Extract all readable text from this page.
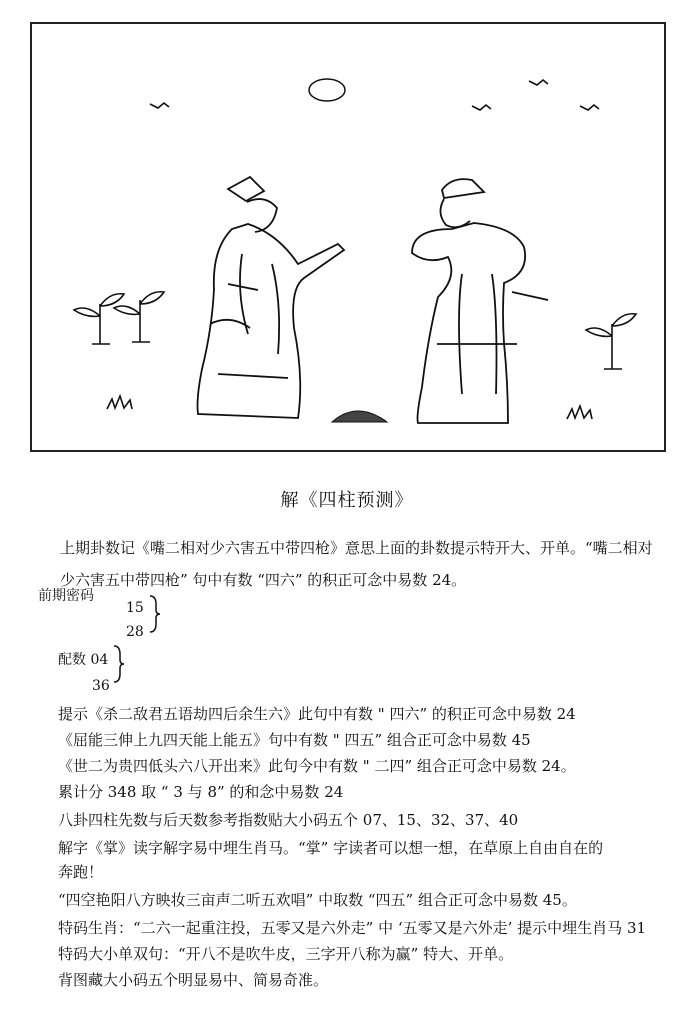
解《四柱预测》
上期卦数记《嘴二相对少六害五中带四枪》意思上面的卦数提示特开大、开单。“嘴二相对
少六害五中带四枪” 句中有数 “四六” 的积正可念中易数 24。
前期密码
15
28
配数 04
36
提示《杀二敌君五语劫四后余生六》此句中有数 " 四六” 的积正可念中易数 24
《屈能三伸上九四天能上能五》句中有数 " 四五” 组合正可念中易数 45
《世二为贵四低头六八开出来》此句今中有数 " 二四” 组合正可念中易数 24。
累计分 348 取 “ 3 与 8” 的和念中易数 24
八卦四柱先数与后天数参考指数贴大小码五个 07、15、32、37、40
解字《掌》读字解字易中埋生肖马。“掌” 字读者可以想一想，在草原上自由自在的
奔跑！
“四空艳阳八方映妆三亩声二听五欢唱” 中取数 “四五” 组合正可念中易数 45。
特码生肖：“二六一起重注投，五零又是六外走” 中 ‘五零又是六外走’ 提示中埋生肖马 31
特码大小单双句：“开八不是吹牛皮，三字开八称为赢” 特大、开单。
背图藏大小码五个明显易中、简易奇准。
